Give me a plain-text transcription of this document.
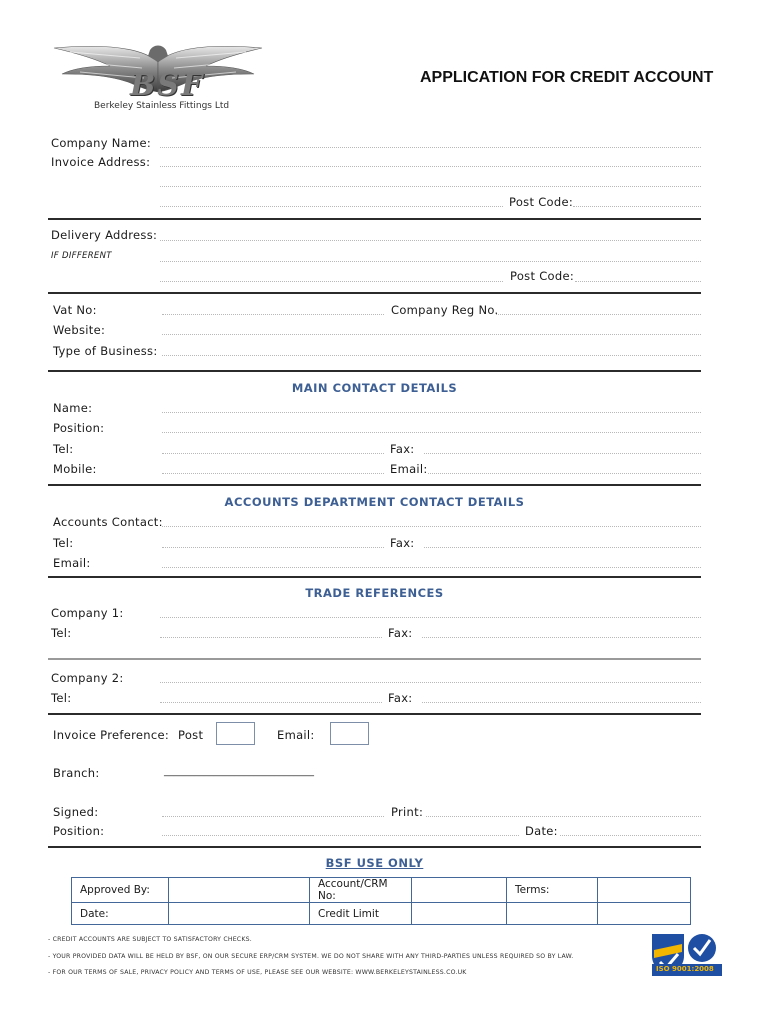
BSF
Berkeley Stainless Fittings Ltd
APPLICATION FOR CREDIT ACCOUNT
Company Name:
Invoice Address:
Post Code:
Delivery Address:
IF DIFFERENT
Post Code:
Vat No:	Company Reg No.
Website:
Type of Business:
MAIN CONTACT DETAILS
Name:
Position:
Tel:	Fax:
Mobile:	Email:
ACCOUNTS DEPARTMENT CONTACT DETAILS
Accounts Contact:
Tel:	Fax:
Email:
TRADE REFERENCES
Company 1:
Tel:	Fax:
Company 2:
Tel:	Fax:
Invoice Preference: Post	Email:
Branch:	______________________________
Signed:	Print:
Position:	Date:
BSF USE ONLY
Approved By:		Account/CRM No:		Terms:	
Date:		Credit Limit			
- CREDIT ACCOUNTS ARE SUBJECT TO SATISFACTORY CHECKS.
- YOUR PROVIDED DATA WILL BE HELD BY BSF, ON OUR SECURE ERP/CRM SYSTEM. WE DO NOT SHARE WITH ANY THIRD-PARTIES UNLESS REQUIRED SO BY LAW.
- FOR OUR TERMS OF SALE, PRIVACY POLICY AND TERMS OF USE, PLEASE SEE OUR WEBSITE: WWW.BERKELEYSTAINLESS.CO.UK	ISO 9001:2008
